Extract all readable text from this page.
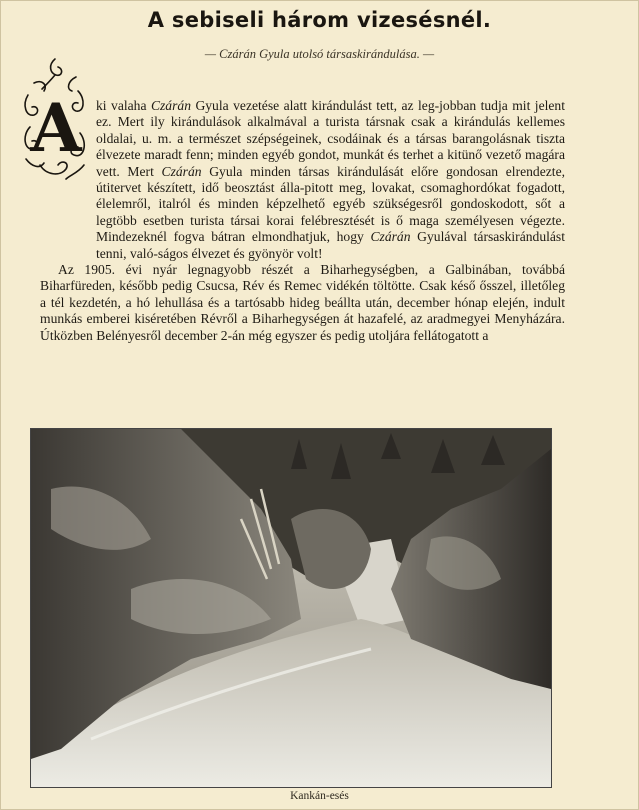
A sebiseli három vizesésnél.
— Czárán Gyula utolsó társaskirándulása. —
A	ki valaha Czárán Gyula vezetése alatt kirándulást tett, az leg-jobban tudja mit jelent ez. Mert ily kirándulások alkalmával a turista társnak csak a kirándulás kellemes oldalai, u. m. a természet szépségeinek, csodáinak és a társas barangolásnak tiszta élvezete maradt fenn; minden egyéb gondot, munkát és terhet a kitünő vezető magára vett. Mert Czárán Gyula minden társas kirándulását előre gondosan elrendezte, útitervet készített, idő beosztást álla-pitott meg, lovakat, csomaghordókat fogadott, élelemről, italról és minden képzelhető egyéb szükségesről gondoskodott, sőt a legtöbb esetben turista társai korai felébresztését is ő maga személyesen végezte. Mindezeknél fogva bátran elmondhatjuk, hogy Czárán Gyulával társaskirándulást tenni, való-ságos élvezet és gyönyör volt!

Az 1905. évi nyár legnagyobb részét a Biharhegységben, a Galbinában, továbbá Biharfüreden, később pedig Csucsa, Rév és Remec vidékén töltötte. Csak késő ősszel, illetőleg a tél kezdetén, a hó lehullása és a tartósabb hideg beállta után, december hónap elején, indult munkás emberei kiséretében Révről a Biharhegységen át hazafelé, az aradmegyei Menyházára. Útközben Belényesről december 2-án még egyszer és pedig utoljára fellátogatott a

Kankán-esés
